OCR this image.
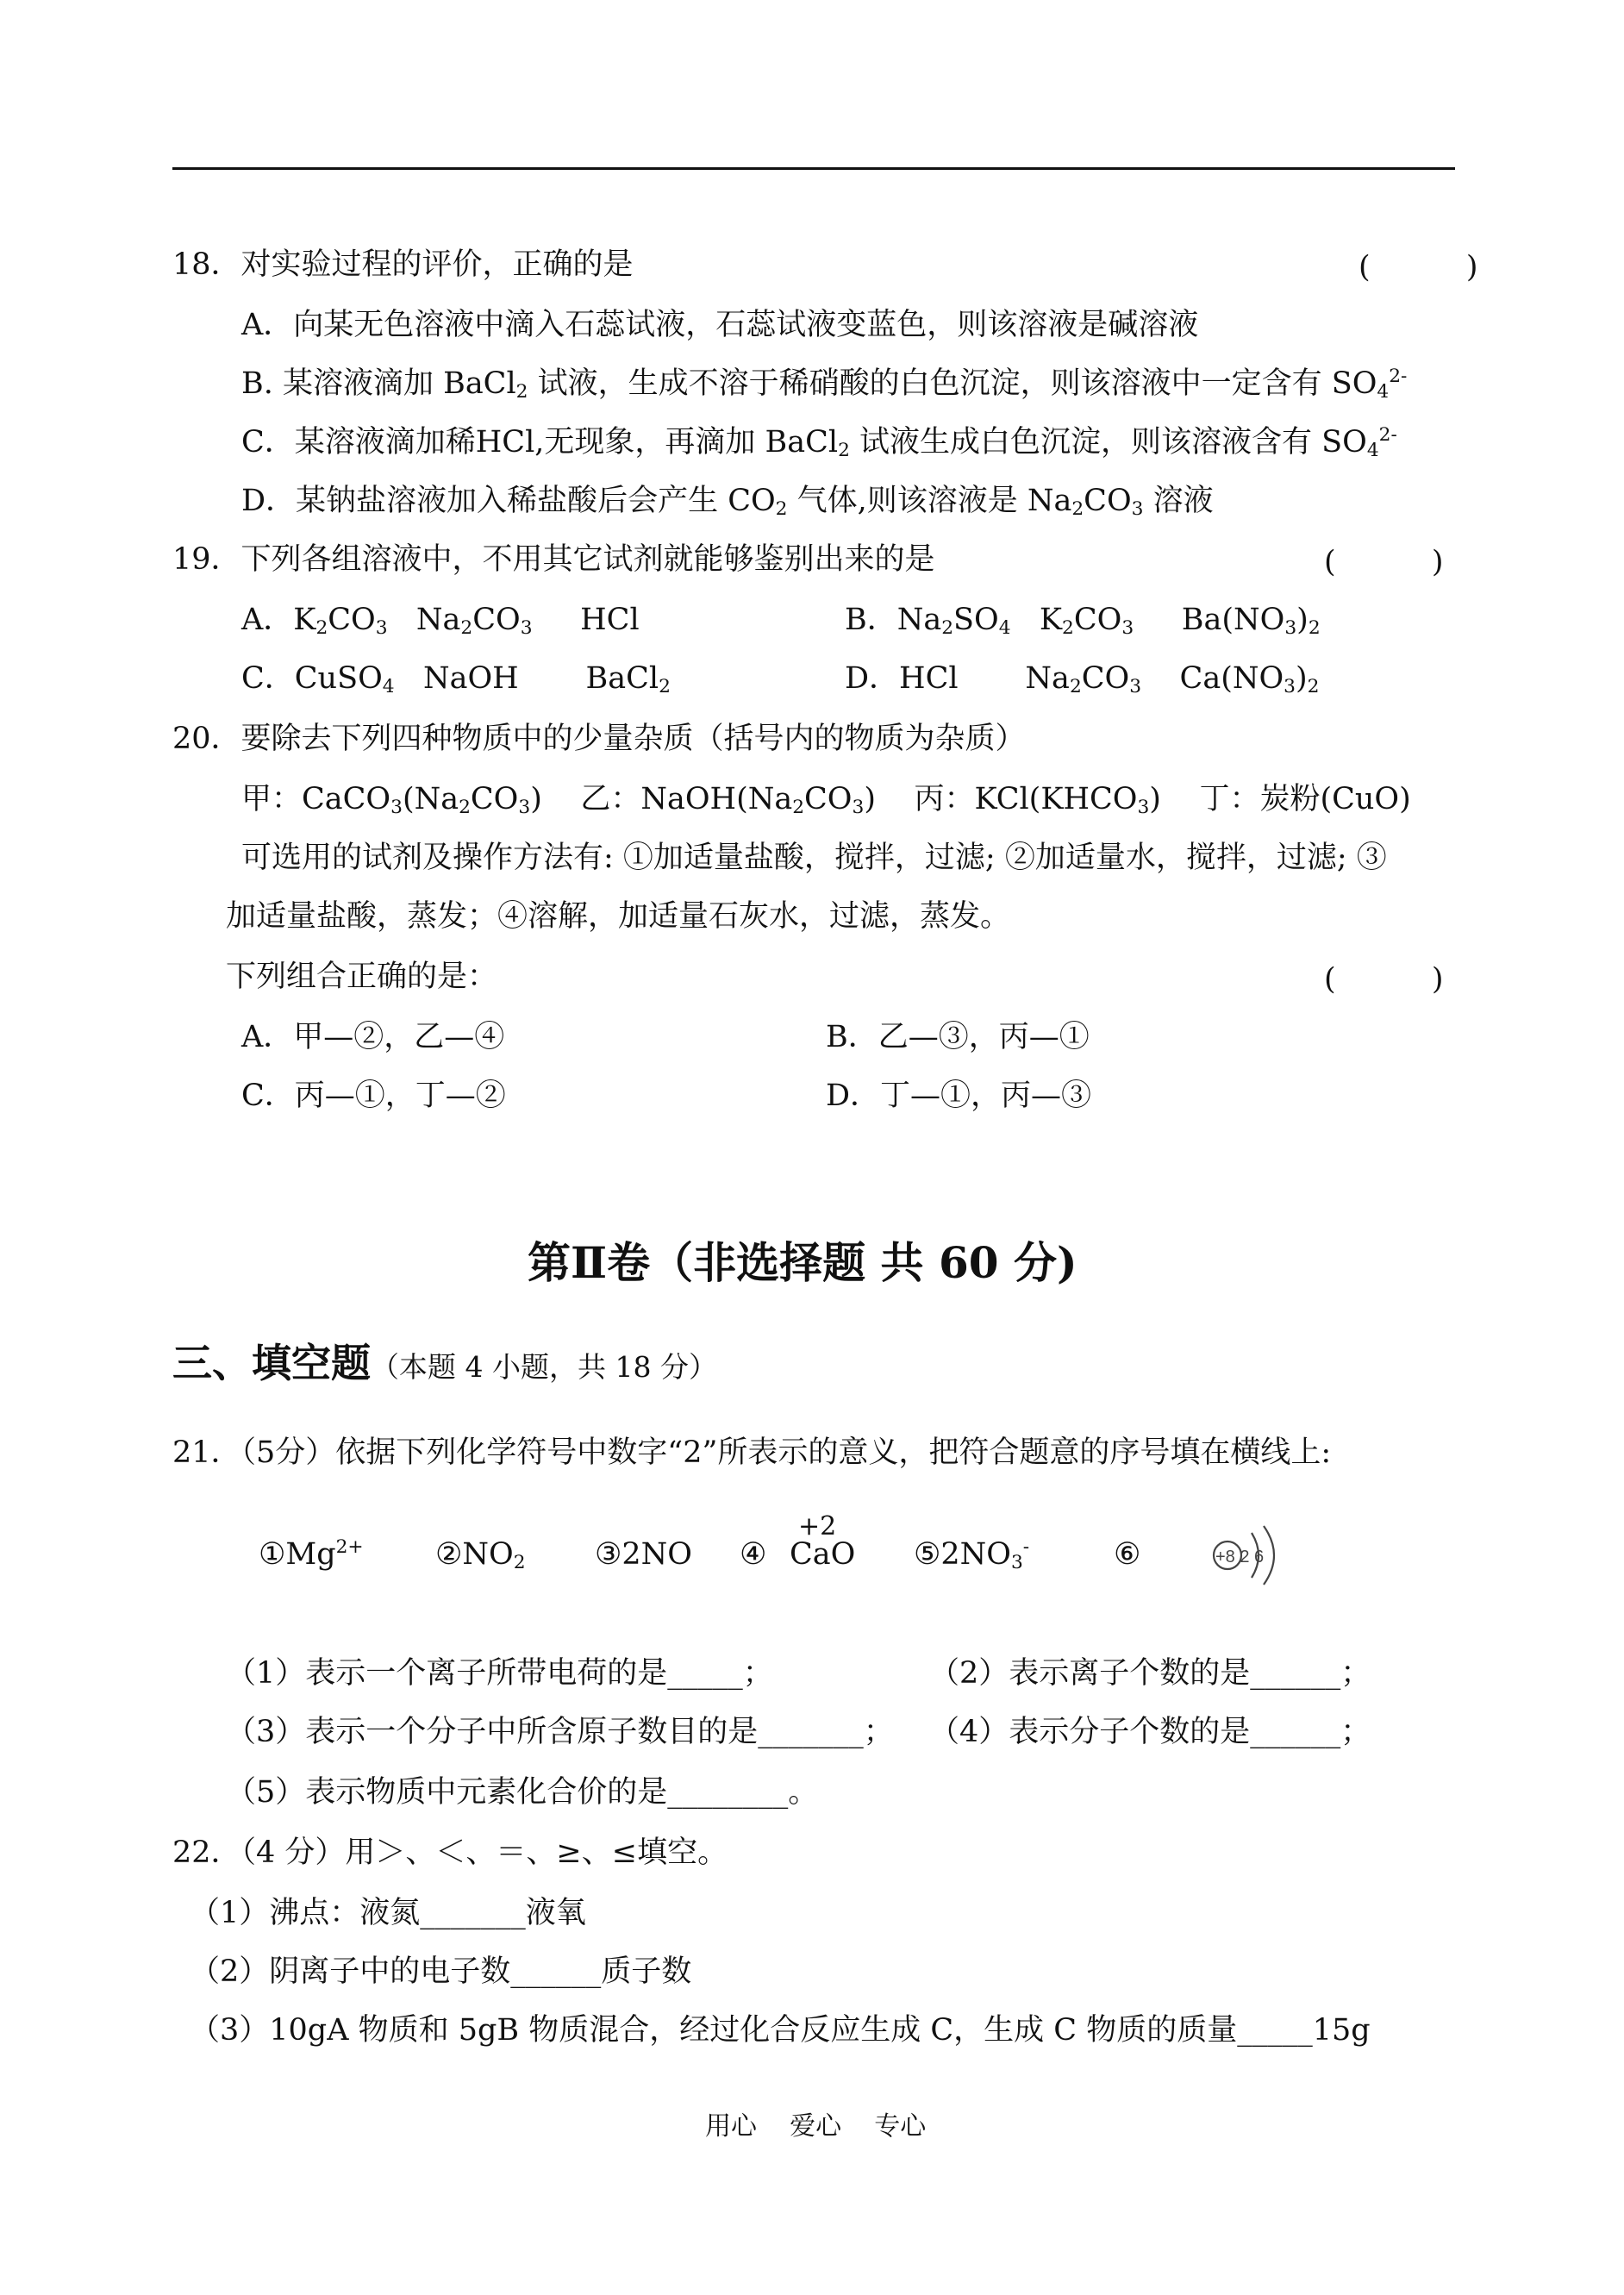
18．对实验过程的评价，正确的是	(          )
A．向某无色溶液中滴入石蕊试液，石蕊试液变蓝色，则该溶液是碱溶液
B. 某溶液滴加 BaCl$_2$ 试液，生成不溶于稀硝酸的白色沉淀，则该溶液中一定含有 $SO_4^{2-}$
C．某溶液滴加稀HCl,无现象，再滴加 BaCl$_2$ 试液生成白色沉淀，则该溶液含有 $SO_4^{2-}$
D．某钠盐溶液加入稀盐酸后会产生 $CO_2$ 气体,则该溶液是 $Na_2CO_3$ 溶液
19．下列各组溶液中，不用其它试剂就能够鉴别出来的是	(          )
A．$K_2CO_3$   $Na_2CO_3$     HCl	B．$Na_2SO_4$   $K_2CO_3$     $Ba(NO_3)_2$
C．CuSO$_4$   NaOH       BaCl$_2$	D．HCl       $Na_2CO_3$    $Ca(NO_3)_2$
20．要除去下列四种物质中的少量杂质（括号内的物质为杂质）
甲：$CaCO_3(Na_2CO_3)$    乙：$NaOH(Na_2CO_3)$    丙：$KCl(KHCO_3)$    丁：炭粉(CuO)
可选用的试剂及操作方法有: ①加适量盐酸，搅拌，过滤; ②加适量水，搅拌，过滤; ③
加适量盐酸，蒸发；④溶解，加适量石灰水，过滤，蒸发。
下列组合正确的是：	(          )
A．甲—②，乙—④	B．乙—③，丙—①
C．丙—①，丁—②	D．丁—①，丙—③
第Ⅱ卷（非选择题 共 60 分)
三、填空题（本题 4 小题，共 18 分）
21．（5分）依据下列化学符号中数字“2”所表示的意义，把符合题意的序号填在横线上:
$①Mg^{2+}$ $②NO_2$ ③2NO ④
+2
CaO $⑤2NO_3^-$	⑥	+8 2 6
（1）表示一个离子所带电荷的是_____；	（2）表示离子个数的是______；
（3）表示一个分子中所含原子数目的是_______； （4）表示分子个数的是______；
（5）表示物质中元素化合价的是________。
22．（4 分）用＞、＜、＝、≥、≤填空。
（1）沸点：液氮_______液氧
（2）阴离子中的电子数______质子数
（3）10gA 物质和 5gB 物质混合，经过化合反应生成 C，生成 C 物质的质量_____15g
用心    爱心    专心
